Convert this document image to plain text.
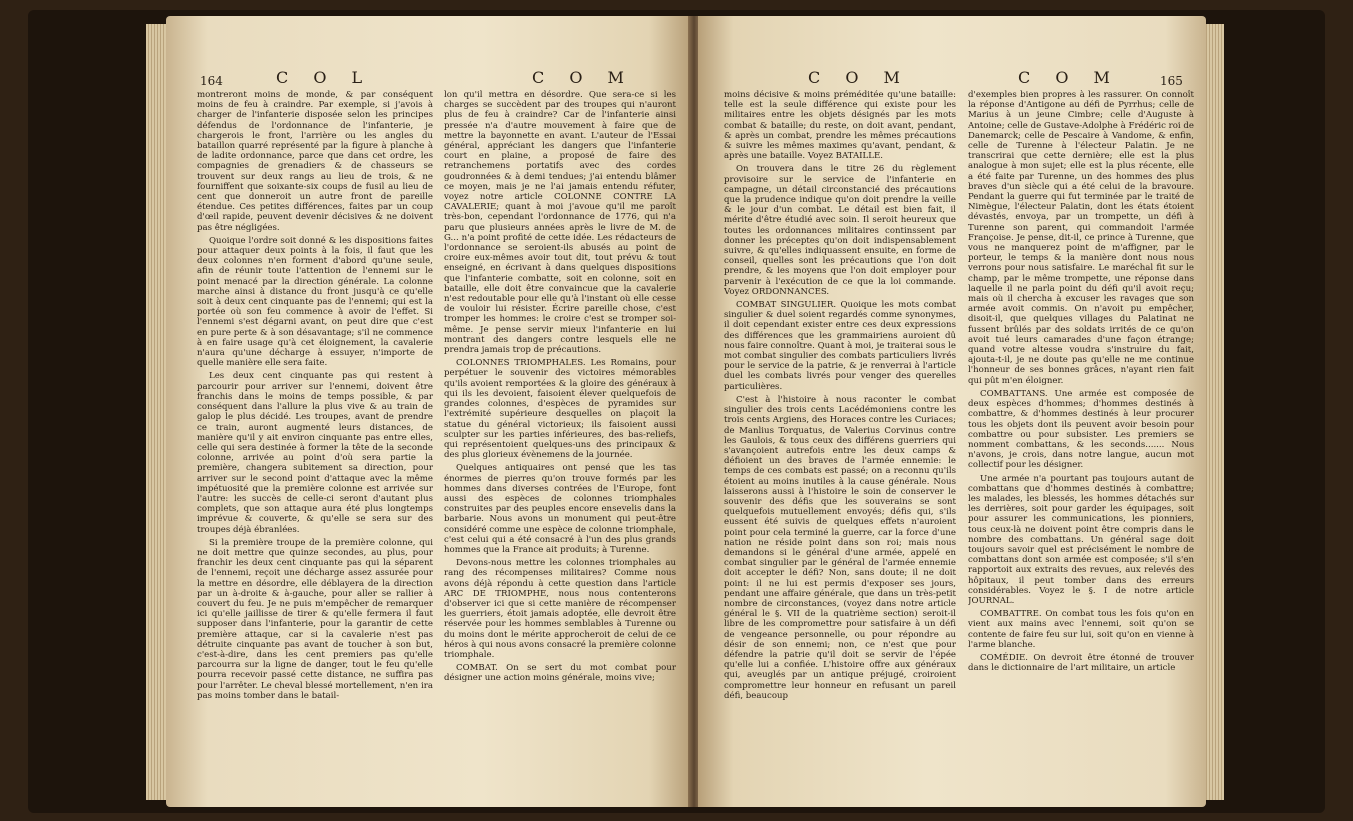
164	C O L	C O M

montreront moins de monde, & par conséquent moins de feu à craindre. Par exemple, si j'avois à charger de l'infanterie disposée selon les principes défendus de l'ordonnance de l'infanterie, je chargerois le front, l'arrière ou les angles du bataillon quarré représenté par la figure à planche à de ladite ordonnance, parce que dans cet ordre, les compagnies de grenadiers & de chasseurs se trouvent sur deux rangs au lieu de trois, & ne fourniffent que soixante-six coups de fusil au lieu de cent que donneroit un autre front de pareille étendue. Ces petites différences, faites par un coup d'œil rapide, peuvent devenir décisives & ne doivent pas être négligées.

Quoique l'ordre soit donné & les dispositions faites pour attaquer deux points à la fois, il faut que les deux colonnes n'en forment d'abord qu'une seule, afin de réunir toute l'attention de l'ennemi sur le point menacé par la direction générale. La colonne marche ainsi à distance du front jusqu'à ce qu'elle soit à deux cent cinquante pas de l'ennemi; qui est la portée où son feu commence à avoir de l'effet. Si l'ennemi s'est dégarni avant, on peut dire que c'est en pure perte & à son désavantage; s'il ne commence à en faire usage qu'à cet éloignement, la cavalerie n'aura qu'une décharge à essuyer, n'importe de quelle manière elle sera faite.

Les deux cent cinquante pas qui restent à parcourir pour arriver sur l'ennemi, doivent être franchis dans le moins de temps possible, & par conséquent dans l'allure la plus vive & au train de galop le plus décidé. Les troupes, avant de prendre ce train, auront augmenté leurs distances, de manière qu'il y ait environ cinquante pas entre elles, celle qui sera destinée à former la tête de la seconde colonne, arrivée au point d'où sera partie la première, changera subitement sa direction, pour arriver sur le second point d'attaque avec la même impétuosité que la première colonne est arrivée sur l'autre: les succès de celle-ci seront d'autant plus complets, que son attaque aura été plus longtemps imprévue & couverte, & qu'elle se sera sur des troupes déjà ébranlées.

Si la première troupe de la première colonne, qui ne doit mettre que quinze secondes, au plus, pour franchir les deux cent cinquante pas qui la séparent de l'ennemi, reçoit une décharge assez assurée pour la mettre en désordre, elle déblayera de la direction par un à-droite & à-gauche, pour aller se rallier à couvert du feu. Je ne puis m'empêcher de remarquer ici qu'elle jaillisse de tirer & qu'elle fermera il faut supposer dans l'infanterie, pour la garantir de cette première attaque, car si la cavalerie n'est pas détruite cinquante pas avant de toucher à son but, c'est-à-dire, dans les cent premiers pas qu'elle parcourra sur la ligne de danger, tout le feu qu'elle pourra recevoir passé cette distance, ne suffira pas pour l'arrêter. Le cheval blessé mortellement, n'en ira pas moins tomber dans le batail-

lon qu'il mettra en désordre. Que sera-ce si les charges se succèdent par des troupes qui n'auront plus de feu à craindre? Car de l'infanterie ainsi pressée n'a d'autre mouvement à faire que de mettre la bayonnette en avant. L'auteur de l'Essai général, appréciant les dangers que l'infanterie court en plaine, a proposé de faire des retranchemens portatifs avec des cordes goudronnées & à demi tendues; j'ai entendu blâmer ce moyen, mais je ne l'ai jamais entendu réfuter, voyez notre article COLONNE CONTRE LA CAVALERIE; quant à moi j'avoue qu'il me paroît très-bon, cependant l'ordonnance de 1776, qui n'a paru que plusieurs années après le livre de M. de G... n'a point profité de cette idée. Les rédacteurs de l'ordonnance se seroient-ils abusés au point de croire eux-mêmes avoir tout dit, tout prévu & tout enseigné, en écrivant à dans quelques dispositions que l'infanterie combatte, soit en colonne, soit en bataille, elle doit être convaincue que la cavalerie n'est redoutable pour elle qu'à l'instant où elle cesse de vouloir lui résister. Écrire pareille chose, c'est tromper les hommes: le croire c'est se tromper soi-même. Je pense servir mieux l'infanterie en lui montrant des dangers contre lesquels elle ne prendra jamais trop de précautions.

COLONNES TRIOMPHALES. Les Romains, pour perpétuer le souvenir des victoires mémorables qu'ils avoient remportées & la gloire des généraux à qui ils les devoient, faisoient élever quelquefois de grandes colonnes, d'espèces de pyramides sur l'extrémité supérieure desquelles on plaçoit la statue du général victorieux; ils faisoient aussi sculpter sur les parties inférieures, des bas-reliefs, qui représentoient quelques-uns des principaux & des plus glorieux évènemens de la journée.

Quelques antiquaires ont pensé que les tas énormes de pierres qu'on trouve formés par les hommes dans diverses contrées de l'Europe, font aussi des espèces de colonnes triomphales construites par des peuples encore ensevelis dans la barbarie. Nous avons un monument qui peut-être considéré comme une espèce de colonne triomphale, c'est celui qui a été consacré à l'un des plus grands hommes que la France ait produits; à Turenne.

Devons-nous mettre les colonnes triomphales au rang des récompenses militaires? Comme nous avons déjà répondu à cette question dans l'article ARC DE TRIOMPHE, nous nous contenterons d'observer ici que si cette manière de récompenser les guerriers, étoit jamais adoptée, elle devroit être réservée pour les hommes semblables à Turenne ou du moins dont le mérite approcheroit de celui de ce héros à qui nous avons consacré la première colonne triomphale.

COMBAT. On se sert du mot combat pour désigner une action moins générale, moins vive;

C O M	C O M	165

moins décisive & moins préméditée qu'une bataille: telle est la seule différence qui existe pour les militaires entre les objets désignés par les mots combat & bataille; du reste, on doit avant, pendant, & après un combat, prendre les mêmes précautions & suivre les mêmes maximes qu'avant, pendant, & après une bataille. Voyez BATAILLE.

On trouvera dans le titre 26 du règlement provisoire sur le service de l'infanterie en campagne, un détail circonstancié des précautions que la prudence indique qu'on doit prendre la veille & le jour d'un combat. Le détail est bien fait, il mérite d'être étudié avec soin. Il seroit heureux que toutes les ordonnances militaires continssent par donner les préceptes qu'on doit indispensablement suivre, & qu'elles indiquassent ensuite, en forme de conseil, quelles sont les précautions que l'on doit prendre, & les moyens que l'on doit employer pour parvenir à l'exécution de ce que la loi commande. Voyez ORDONNANCES.

COMBAT SINGULIER. Quoique les mots combat singulier & duel soient regardés comme synonymes, il doit cependant exister entre ces deux expressions des différences que les grammairiens auroient dû nous faire connoître. Quant à moi, je traiterai sous le mot combat singulier des combats particuliers livrés pour le service de la patrie, & je renverrai à l'article duel les combats livrés pour venger des querelles particulières.

C'est à l'histoire à nous raconter le combat singulier des trois cents Lacédémoniens contre les trois cents Argiens, des Horaces contre les Curiaces; de Manlius Torquatus, de Valerius Corvinus contre les Gaulois, & tous ceux des différens guerriers qui s'avançoient autrefois entre les deux camps & défioient un des braves de l'armée ennemie: le temps de ces combats est passé; on a reconnu qu'ils étoient au moins inutiles à la cause générale. Nous laisserons aussi à l'histoire le soin de conserver le souvenir des défis que les souverains se sont quelquefois mutuellement envoyés; défis qui, s'ils eussent été suivis de quelques effets n'auroient point pour cela terminé la guerre, car la force d'une nation ne réside point dans son roi; mais nous demandons si le général d'une armée, appelé en combat singulier par le général de l'armée ennemie doit accepter le défi? Non, sans doute; il ne doit point: il ne lui est permis d'exposer ses jours, pendant une affaire générale, que dans un très-petit nombre de circonstances, (voyez dans notre article général le §. VII de la quatrième section) seroit-il libre de les compromettre pour satisfaire à un défi de vengeance personnelle, ou pour répondre au désir de son ennemi; non, ce n'est que pour défendre la patrie qu'il doit se servir de l'épée qu'elle lui a confiée. L'histoire offre aux généraux qui, aveuglés par un antique préjugé, croiroient compromettre leur honneur en refusant un pareil défi, beaucoup

d'exemples bien propres à les rassurer. On connoît la réponse d'Antigone au défi de Pyrrhus; celle de Marius à un jeune Cimbre; celle d'Auguste à Antoine; celle de Gustave-Adolphe à Frédéric roi de Danemarck; celle de Pescaire à Vandome, & enfin, celle de Turenne à l'électeur Palatin. Je ne transcrirai que cette dernière; elle est la plus analogue à mon sujet; elle est la plus récente, elle a été faite par Turenne, un des hommes des plus braves d'un siècle qui a été celui de la bravoure. Pendant la guerre qui fut terminée par le traité de Nimègue, l'électeur Palatin, dont les états étoient dévastés, envoya, par un trompette, un défi à Turenne son parent, qui commandoit l'armée Françoise. Je pense, dit-il, ce prince à Turenne, que vous ne manquerez point de m'affigner, par le porteur, le temps & la manière dont nous nous verrons pour nous satisfaire. Le maréchal fit sur le champ, par le même trompette, une réponse dans laquelle il ne parla point du défi qu'il avoit reçu; mais où il chercha à excuser les ravages que son armée avoit commis. On n'avoit pu empêcher, disoit-il, que quelques villages du Palatinat ne fussent brûlés par des soldats irrités de ce qu'on avoit tué leurs camarades d'une façon étrange; quand votre altesse voudra s'instruire du fait, ajouta-t-il, je ne doute pas qu'elle ne me continue l'honneur de ses bonnes grâces, n'ayant rien fait qui pût m'en éloigner.

COMBATTANS. Une armée est composée de deux espèces d'hommes; d'hommes destinés à combattre, & d'hommes destinés à leur procurer tous les objets dont ils peuvent avoir besoin pour combattre ou pour subsister. Les premiers se nomment combattans, & les seconds....... Nous n'avons, je crois, dans notre langue, aucun mot collectif pour les désigner.

Une armée n'a pourtant pas toujours autant de combattans que d'hommes destinés à combattre; les malades, les blessés, les hommes détachés sur les derrières, soit pour garder les équipages, soit pour assurer les communications, les pionniers, tous ceux-là ne doivent point être compris dans le nombre des combattans. Un général sage doit toujours savoir quel est précisément le nombre de combattans dont son armée est composée; s'il s'en rapportoit aux extraits des revues, aux relevés des hôpitaux, il peut tomber dans des erreurs considérables. Voyez le §. I de notre article JOURNAL.

COMBATTRE. On combat tous les fois qu'on en vient aux mains avec l'ennemi, soit qu'on se contente de faire feu sur lui, soit qu'on en vienne à l'arme blanche.

COMÉDIE. On devroit être étonné de trouver dans le dictionnaire de l'art militaire, un article
